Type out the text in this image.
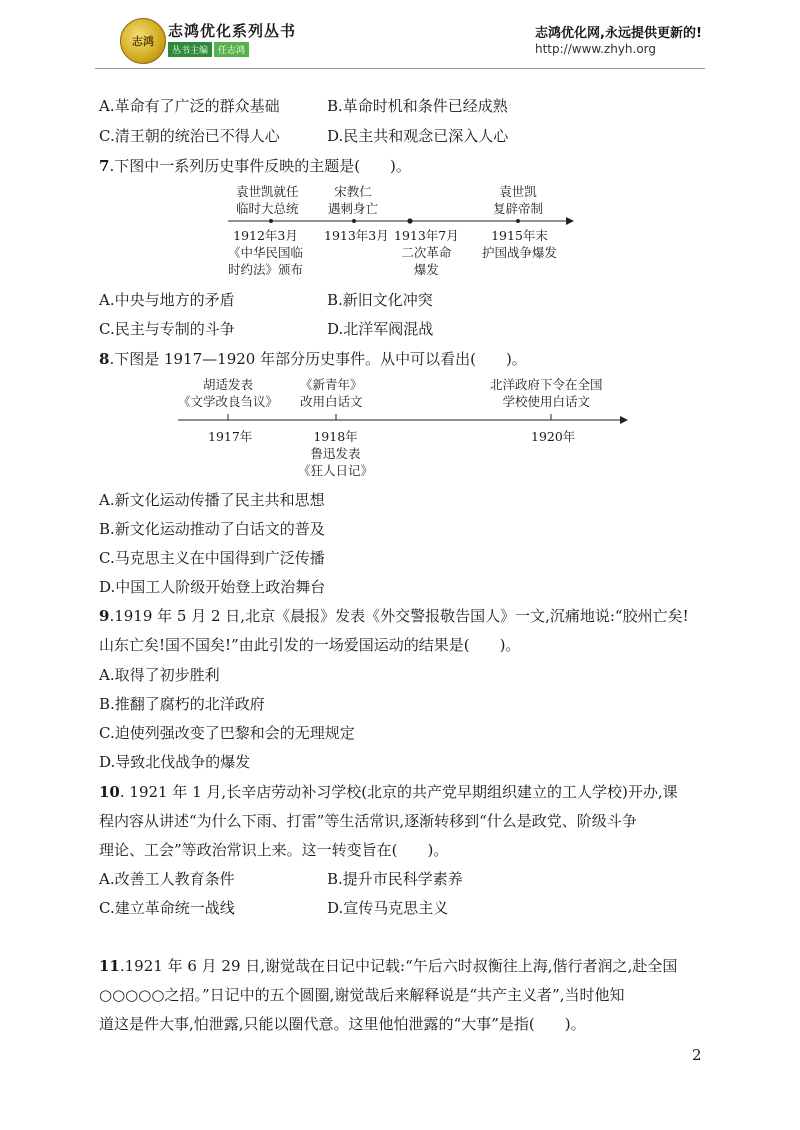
志鸿
志鸿优化系列丛书
丛书主编	任志鸿
志鸿优化网,永远提供更新的!
http://www.zhyh.org
A.革命有了广泛的群众基础	B.革命时机和条件已经成熟
C.清王朝的统治已不得人心	D.民主共和观念已深入人心
7.下图中一系列历史事件反映的主题是(　　)。
袁世凯就任
临时大总统
宋教仁
遇刺身亡
袁世凯
复辟帝制
1912年3月
《中华民国临
时约法》颁布
1913年3月 1913年7月
二次革命
爆发
1915年末
护国战争爆发
A.中央与地方的矛盾	B.新旧文化冲突
C.民主与专制的斗争	D.北洋军阀混战
8.下图是 1917—1920 年部分历史事件。从中可以看出(　　)。
胡适发表
《文学改良刍议》
《新青年》
改用白话文
北洋政府下令在全国
学校使用白话文
1917年	1918年
鲁迅发表
《狂人日记》
1920年
A.新文化运动传播了民主共和思想
B.新文化运动推动了白话文的普及
C.马克思主义在中国得到广泛传播
D.中国工人阶级开始登上政治舞台
9.1919 年 5 月 2 日,北京《晨报》发表《外交警报敬告国人》一文,沉痛地说:“胶州亡矣!
山东亡矣!国不国矣!”由此引发的一场爱国运动的结果是(　　)。
A.取得了初步胜利
B.推翻了腐朽的北洋政府
C.迫使列强改变了巴黎和会的无理规定
D.导致北伐战争的爆发
10. 1921 年 1 月,长辛店劳动补习学校(北京的共产党早期组织建立的工人学校)开办,课
程内容从讲述“为什么下雨、打雷”等生活常识,逐渐转移到“什么是政党、阶级斗争
理论、工会”等政治常识上来。这一转变旨在(　　)。
A.改善工人教育条件	B.提升市民科学素养
C.建立革命统一战线	D.宣传马克思主义
11.1921 年 6 月 29 日,谢觉哉在日记中记载:“午后六时叔衡往上海,偕行者润之,赴全国
○○○○○之招。”日记中的五个圆圈,谢觉哉后来解释说是“共产主义者”,当时他知
道这是件大事,怕泄露,只能以圈代意。这里他怕泄露的“大事”是指(　　)。
2
